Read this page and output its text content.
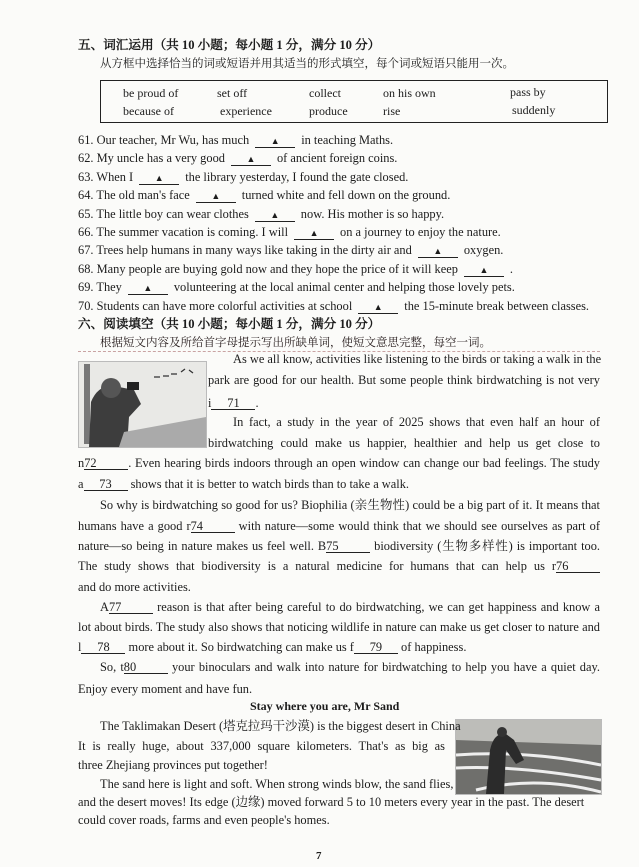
五、词汇运用（共 10 小题；每小题 1 分，满分 10 分）
从方框中选择恰当的词或短语并用其适当的形式填空，每个词或短语只能用一次。
be proud of	set off	collect	on his own	pass by
because of	experience	produce	rise	suddenly
61. Our teacher, Mr Wu, has much ▲ in teaching Maths.
62. My uncle has a very good ▲ of ancient foreign coins.
63. When I ▲ the library yesterday, I found the gate closed.
64. The old man's face ▲ turned white and fell down on the ground.
65. The little boy can wear clothes ▲ now. His mother is so happy.
66. The summer vacation is coming. I will ▲ on a journey to enjoy the nature.
67. Trees help humans in many ways like taking in the dirty air and ▲ oxygen.
68. Many people are buying gold now and they hope the price of it will keep ▲ .
69. They ▲ volunteering at the local animal center and helping those lovely pets.
70. Students can have more colorful activities at school ▲ the 15-minute break between classes.
六、阅读填空（共 10 小题；每小题 1 分，满分 10 分）
根据短文内容及所给首字母提示写出所缺单词，使短文意思完整，每空一词。
As we all know, activities like listening to the birds or taking a walk in the
park are good for our health. But some people think birdwatching is not very
i 71 .
In fact, a study in the year of 2025 shows that even half an hour of
birdwatching could make us happier, healthier and help us get close to
n72	. Even hearing birds indoors through an open window can change our bad feelings. The study
a 73 shows that it is better to watch birds than to take a walk.
So why is birdwatching so good for us? Biophilia (亲生物性) could be a big part of it. It means that
humans have a good r74	with nature—some would think that we should see ourselves as part of
nature—so being in nature makes us feel well. B75	biodiversity (生物多样性) is important too.
The study shows that biodiversity is a natural medicine for humans that can help us r76
and do more activities.
A77	reason is that after being careful to do birdwatching, we can get happiness and know a
lot about birds. The study also shows that noticing wildlife in nature can make us get closer to nature and
l 78 more about it. So birdwatching can make us f 79 of happiness.
So, t80	your binoculars and walk into nature for birdwatching to help you have a quiet day.
Enjoy every moment and have fun.
Stay where you are, Mr Sand
The Taklimakan Desert (塔克拉玛干沙漠) is the biggest desert in China
It is really huge, about 337,000 square kilometers. That's as big as
three Zhejiang provinces put together!
The sand here is light and soft. When strong winds blow, the sand flies,
and the desert moves! Its edge (边缘) moved forward 5 to 10 meters every year in the past. The desert
could cover roads, farms and even people's homes.
7
